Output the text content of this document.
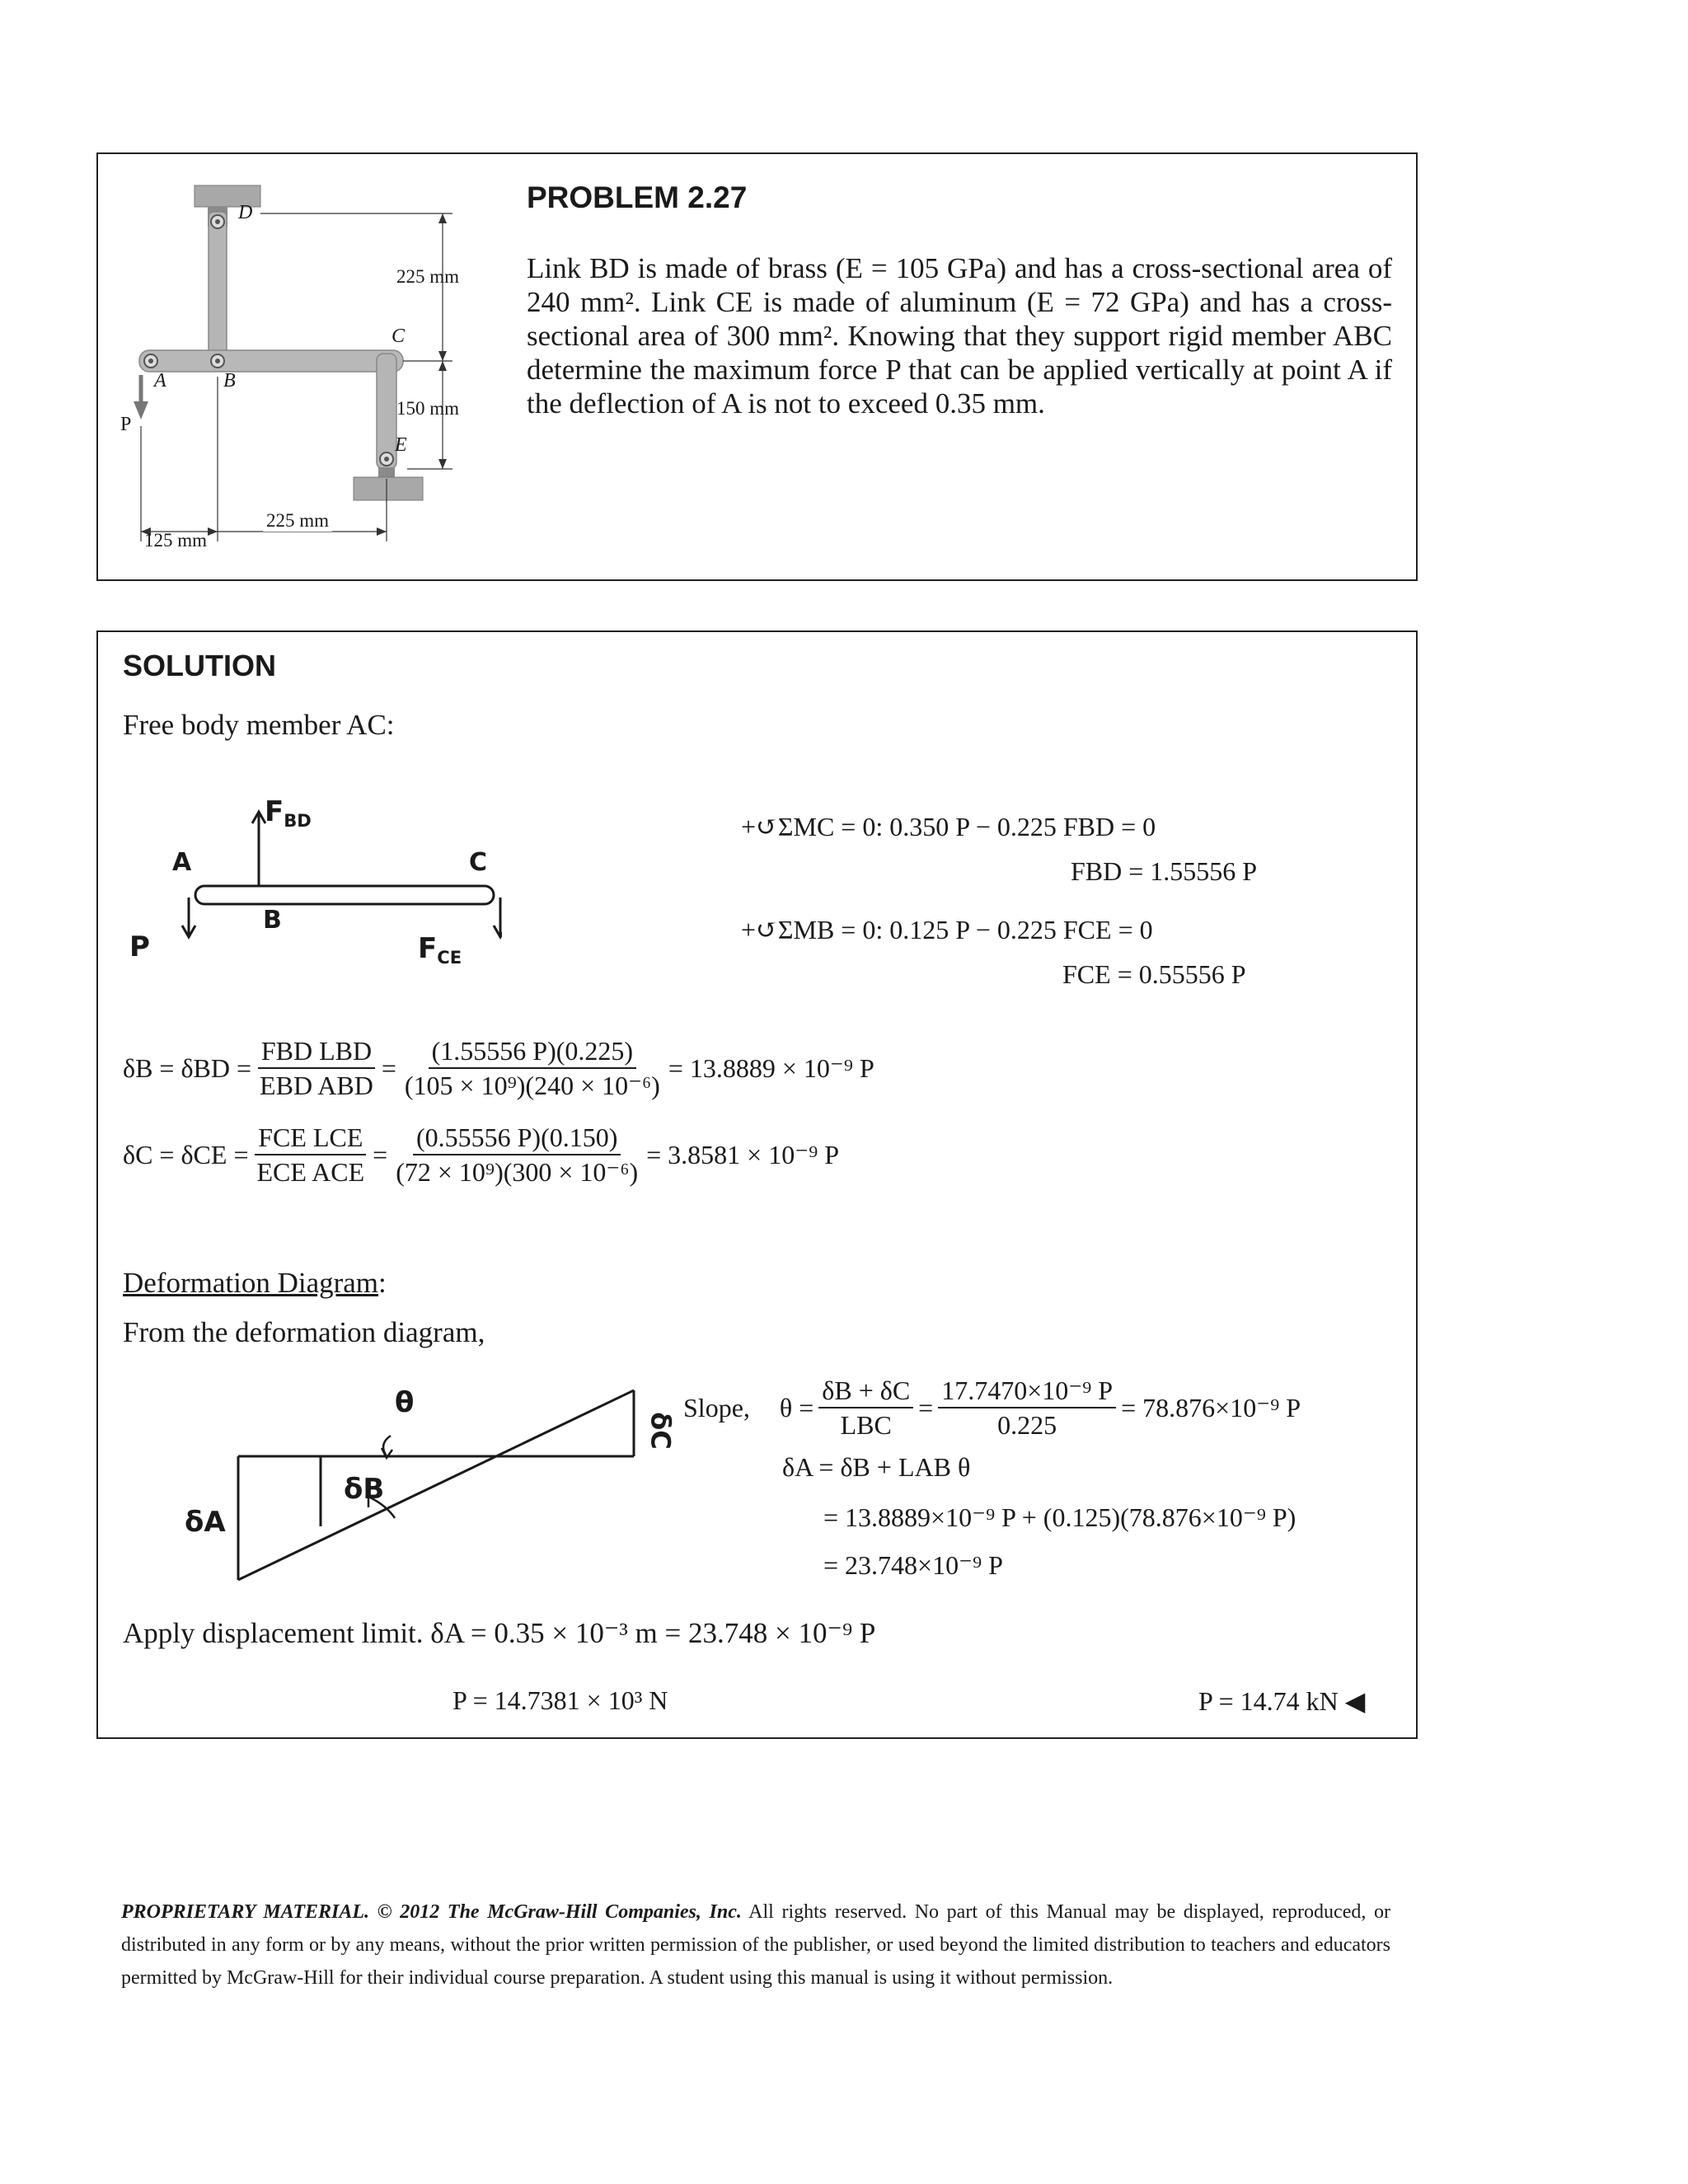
D
C
A	B
P
E
225 mm
150 mm
125 mm
225 mm
PROBLEM 2.27
Link BD is made of brass (E = 105 GPa) and has a cross-sectional area of 240 mm². Link CE is made of aluminum (E = 72 GPa) and has a cross-sectional area of 300 mm². Knowing that they support rigid member ABC determine the maximum force P that can be applied vertically at point A if the deflection of A is not to exceed 0.35 mm.
SOLUTION
Free body member AC:
$F_{BD}$
A	C
B
P	$F_{CE}$
+↺ΣMC = 0: 0.350 P − 0.225 FBD = 0
FBD = 1.55556 P
+↺ΣMB = 0: 0.125 P − 0.225 FCE = 0
FCE = 0.55556 P
$\delta B = \delta BD = \frac{\text{FBD LBD}}{\text{EBD ABD}} = \frac{(1.55556 P)(0.225)}{\text{(105 × 10⁹)(240 × 10⁻⁶)}} = 13.8889 \times 10^{-9}$ P
$\delta C = \delta CE = \frac{\text{FCE LCE}}{\text{ECE ACE}} = \frac{(0.55556 P)(0.150)}{\text{(72 × 10⁹)(300 × 10⁻⁶)}} = 3.8581 \times 10^{-9}$ P
Deformation Diagram:
From the deformation diagram,
θ
δC
δB
δA
Slope, $\theta = \frac{\delta B + \delta C}{\text{LBC}} = \frac{\text{17.7470×10⁻⁹ P}}{0.225} = 78.876\times 10^{-9}$ P
δA = δB + LAB θ
= 13.8889×10⁻⁹ P + (0.125)(78.876×10⁻⁹ P)
= 23.748×10⁻⁹ P
Apply displacement limit. δA = 0.35 × 10⁻³ m = 23.748 × 10⁻⁹ P
P = 14.7381 × 10³ N	P = 14.74 kN ◀
PROPRIETARY MATERIAL. © 2012 The McGraw-Hill Companies, Inc. All rights reserved. No part of this Manual may be displayed, reproduced, or distributed in any form or by any means, without the prior written permission of the publisher, or used beyond the limited distribution to teachers and educators permitted by McGraw-Hill for their individual course preparation. A student using this manual is using it without permission.
